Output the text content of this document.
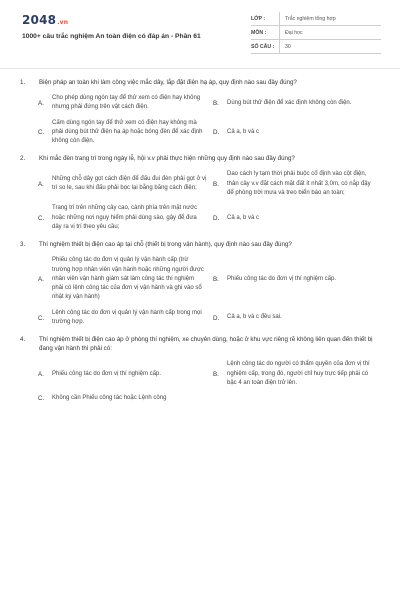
2048.vn
1000+ câu trắc nghiệm An toàn điện có đáp án - Phần 61
LỚP :	Trắc nghiệm tổng hợp
MÔN :	Đại học
SỐ CÂU :	30
1.	Biện pháp an toàn khi làm công việc mắc dây, lắp đặt điện hạ áp, quy định nào sau đây đúng?
A.
Cho phép dùng ngón tay để thử xem có điện hay không nhưng phải đứng trên vật cách điện.
B.	Dùng bút thử điện để xác định không còn điện.
C.
Cấm dùng ngón tay để thử xem có điện hay không mà phải dùng bút thử điện hạ áp hoặc bóng đèn để xác định không còn điện.
D.	Cả a, b và c
2.	Khi mắc đèn trang trí trong ngày lễ, hội v.v phải thực hiện những quy định nào sau đây đúng?
A.
Những chỗ dây gọt cách điện để đấu đui đèn phải gọt ở vị trí so le, sau khi đấu phải bọc lại bằng băng cách điện;
B.
Dao cách ly tạm thời phải buộc cố định vào cột điện, thân cây v.v đặt cách mặt đất ít nhất 3,0m, có nắp đậy để phòng trời mưa và treo biển báo an toàn;
C.
Trang trí trên những cây cao, cành phía trên mặt nước hoặc những nơi nguy hiểm phải dùng sào, gậy để đưa dây ra vị trí theo yêu cầu;
D.	Cả a, b và c
3.	Thí nghiệm thiết bị điện cao áp tại chỗ (thiết bị trong vận hành), quy định nào sau đây đúng?
A.
Phiếu công tác do đơn vị quản lý vận hành cấp (trừ trường hợp nhân viên vận hành hoặc những người được nhân viên vận hành giám sát làm công tác thí nghiệm phải có lệnh công tác của đơn vị vận hành và ghi vào sổ nhật ký vận hành)
B.	Phiếu công tác do đơn vị thí nghiệm cấp.
C.
Lệnh công tác do đơn vị quản lý vận hành cấp trong mọi trường hợp.
D.	Cả a, b và c đều sai.
4.	Thí nghiệm thiết bị điện cao áp ở phòng thí nghiệm, xe chuyên dùng, hoặc ở khu vực riêng rẽ không liên quan đến thiết bị đang vận hành thì phải có:
A.	Phiếu công tác do đơn vị thí nghiệm cấp.	B.
Lệnh công tác do người có thẩm quyền của đơn vị thí nghiệm cấp, trong đó, người chỉ huy trực tiếp phải có bậc 4 an toàn điện trở lên.
C.	Không cần Phiếu công tác hoặc Lệnh công
